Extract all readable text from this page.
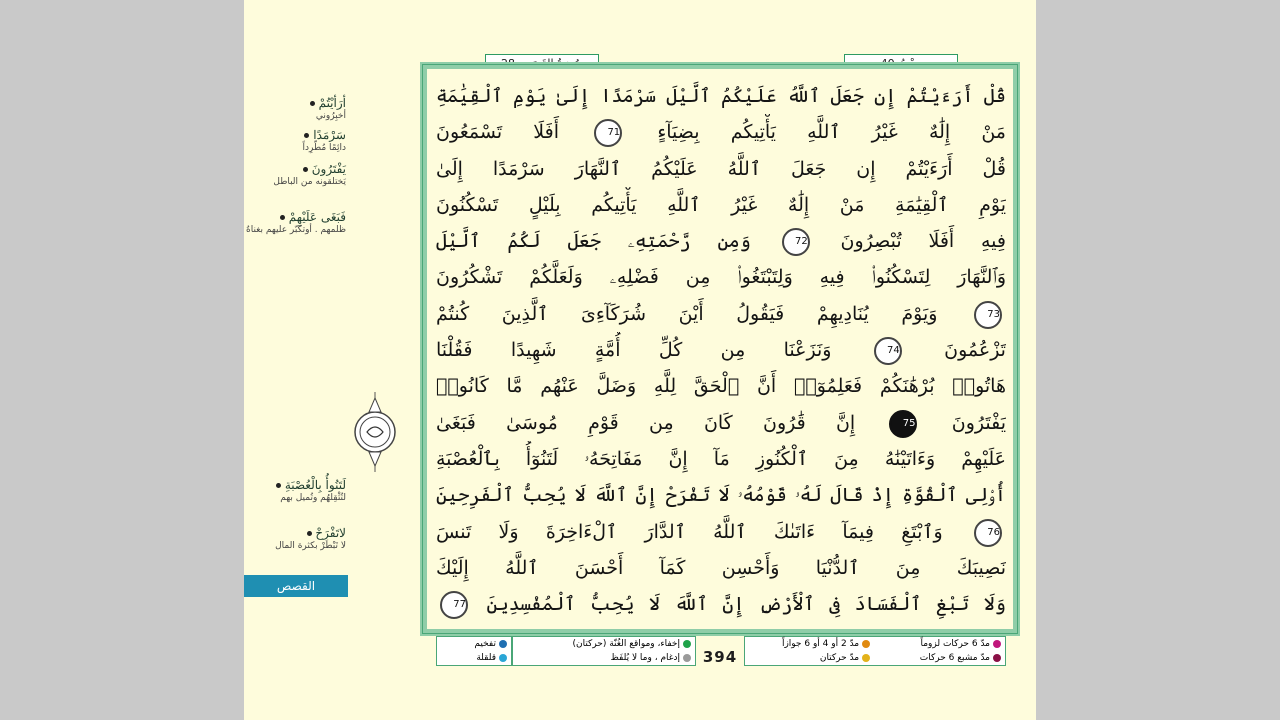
أرَأيْتُمْ
أخبِرُوني
سَرْمَدًا
دائِمًا مُطّرِداً
يَفْتَرُونَ
يَختلقونه من الباطل
فَبَغَى عَلَيْهِمْ
ظلمهم . أوتكبّر عليهم بغناهُ
لَتَنُوأُ بِالْعُصْبَةِ
لتُثْقِلهُم وتُميل بهم
لاتَفْرَحْ
لا تَبْطَرْ بكثرة المال
القصص
قُلْ أَرَءَيْتُمْ إِن جَعَلَ ٱللَّهُ عَلَيْكُمُ ٱلَّيْلَ سَرْمَدًا إِلَىٰ يَوْمِ ٱلْقِيَٰمَةِ
مَنْ إِلَٰهٌ غَيْرُ ٱللَّهِ يَأْتِيكُم بِضِيَآءٍ 71 أَفَلَا تَسْمَعُونَ
قُلْ أَرَءَيْتُمْ إِن جَعَلَ ٱللَّهُ عَلَيْكُمُ ٱلنَّهَارَ سَرْمَدًا إِلَىٰ
يَوْمِ ٱلْقِيَٰمَةِ مَنْ إِلَٰهٌ غَيْرُ ٱللَّهِ يَأْتِيكُم بِلَيْلٍ تَسْكُنُونَ
فِيهِ أَفَلَا تُبْصِرُونَ 72 وَمِن رَّحْمَتِهِۦ جَعَلَ لَكُمُ ٱلَّيْلَ
وَٱلنَّهَارَ لِتَسْكُنُوا۟ فِيهِ وَلِتَبْتَغُوا۟ مِن فَضْلِهِۦ وَلَعَلَّكُمْ تَشْكُرُونَ
73 وَيَوْمَ يُنَادِيهِمْ فَيَقُولُ أَيْنَ شُرَكَآءِىَ ٱلَّذِينَ كُنتُمْ
تَزْعُمُونَ 74 وَنَزَعْنَا مِن كُلِّ أُمَّةٍ شَهِيدًا فَقُلْنَا
هَاتُوا۟ بُرْهَٰنَكُمْ فَعَلِمُوٓا۟ أَنَّ ٱلْحَقَّ لِلَّهِ وَضَلَّ عَنْهُم مَّا كَانُوا۟
يَفْتَرُونَ 75 إِنَّ قَٰرُونَ كَانَ مِن قَوْمِ مُوسَىٰ فَبَغَىٰ
عَلَيْهِمْ وَءَاتَيْنَٰهُ مِنَ ٱلْكُنُوزِ مَآ إِنَّ مَفَاتِحَهُۥ لَتَنُوٓأُ بِٱلْعُصْبَةِ
أُو۟لِى ٱلْقُوَّةِ إِذْ قَالَ لَهُۥ قَوْمُهُۥ لَا تَفْرَحْ إِنَّ ٱللَّهَ لَا يُحِبُّ ٱلْفَرِحِينَ
76 وَٱبْتَغِ فِيمَآ ءَاتَىٰكَ ٱللَّهُ ٱلدَّارَ ٱلْءَاخِرَةَ وَلَا تَنسَ
نَصِيبَكَ مِنَ ٱلدُّنْيَا وَأَحْسِن كَمَآ أَحْسَنَ ٱللَّهُ إِلَيْكَ
وَلَا تَبْغِ ٱلْفَسَادَ فِى ٱلْأَرْضِ إِنَّ ٱللَّهَ لَا يُحِبُّ ٱلْمُفْسِدِينَ 77
تفخيم
قلقلة
إخفاء، ومواقع الغُنّة (حركتان)
إدغام ، وما لا يُلفَظ	394
مدّ 6 حركات لزوماً مدّ 2 أو 4 أو 6 جوازاً
مدّ مشبع 6 حركات مدّ حركتان
